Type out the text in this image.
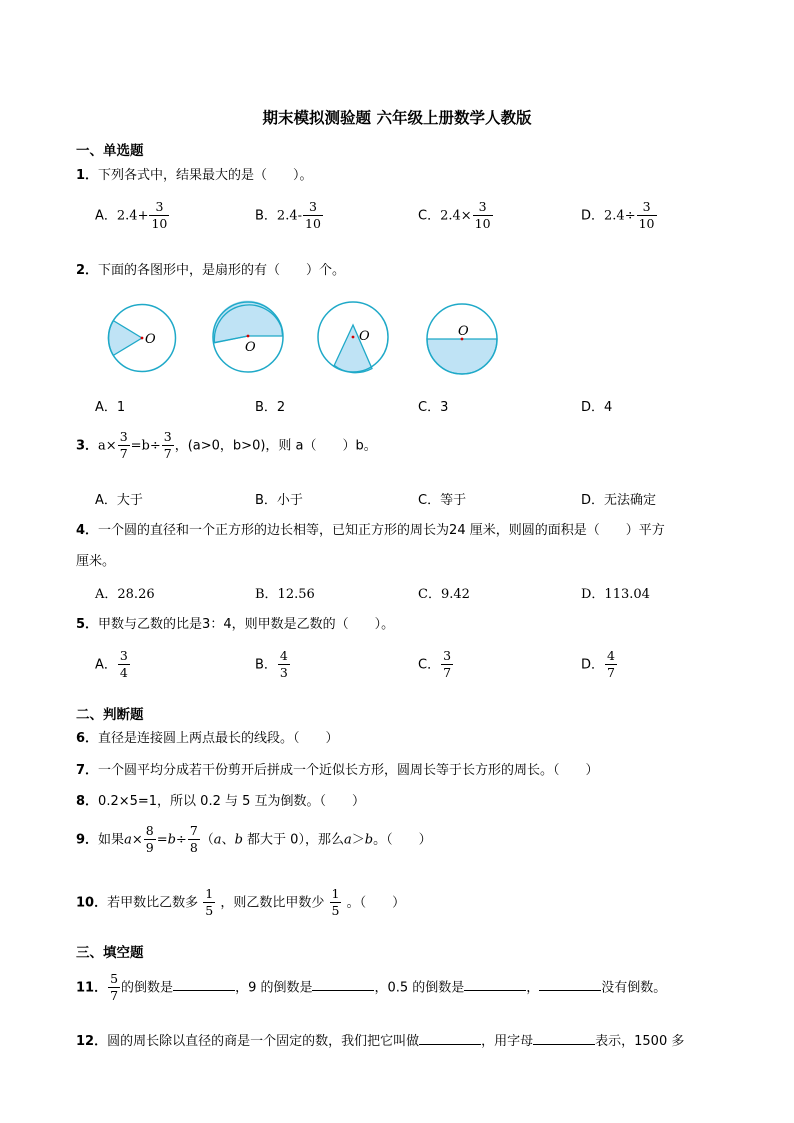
期末模拟测验题 六年级上册数学人教版
一、单选题
1．下列各式中，结果最大的是（　　）。
A．$2.4+ \frac{3}{10}$	B．$2.4- \frac{3}{10}$	C．$2.4\times \frac{3}{10}$	D．$2.4\div \frac{3}{10}$
2．下面的各图形中，是扇形的有（　　）个。
O
O
O	O
A．1	B．2	C．3	D．4
3．$a\times \frac{3}{7} =b\div \frac{3}{7}$ ，(a>0，b>0)，则 a（　　）b。
A．大于	B．小于	C．等于	D．无法确定
4．一个圆的直径和一个正方形的边长相等，已知正方形的周长为24 厘米，则圆的面积是（　　）平方
厘米。
A．28.26	B．12.56	C．9.42	D．113.04
5．甲数与乙数的比是3：4，则甲数是乙数的（　　）。
A． $\frac{3}{4}$	B． $\frac{4}{3}$	C． $\frac{3}{7}$	D． $\frac{4}{7}$
二、判断题
6．直径是连接圆上两点最长的线段。（　　）
7．一个圆平均分成若干份剪开后拼成一个近似长方形，圆周长等于长方形的周长。（　　）
8．0.2×5=1，所以 0.2 与 5 互为倒数。（　　）
9．如果$a\times \frac{8}{9} =b\div \frac{7}{8} (a$、b 都大于 0），那么a＞b。（　　）
10．若甲数比乙数多 $\frac{1}{5}$ ，则乙数比甲数少 $\frac{1}{5}$ 。（　　）
三、填空题
11． $\frac{5}{7}$ 的倒数是	，9 的倒数是	，0.5 的倒数是	，	没有倒数。
12．圆的周长除以直径的商是一个固定的数，我们把它叫做	，用字母	表示，1500 多
